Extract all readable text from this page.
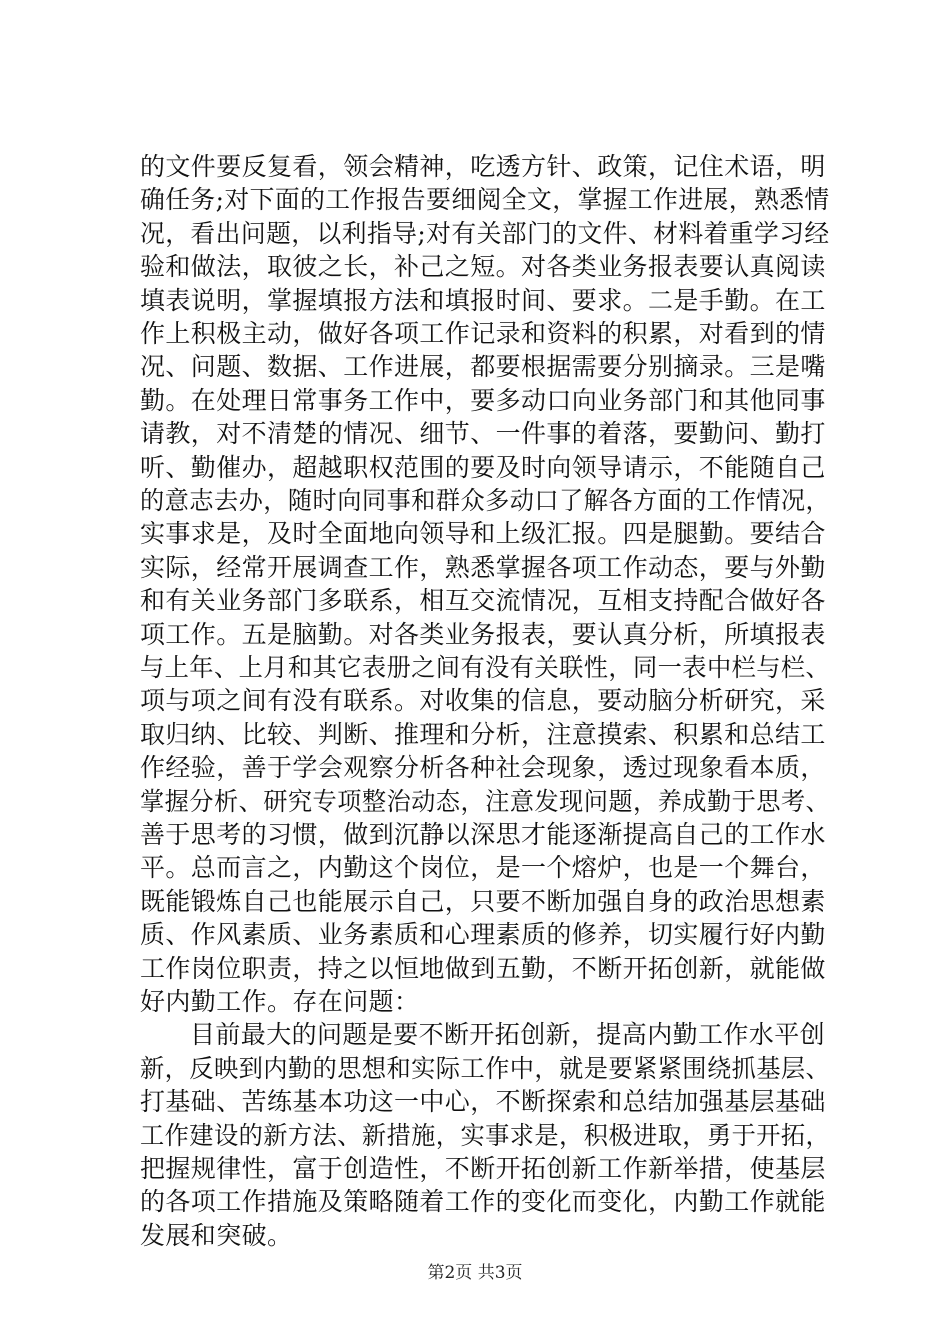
的文件要反复看，领会精神，吃透方针、政策，记住术语，明
确任务;对下面的工作报告要细阅全文，掌握工作进展，熟悉情
况，看出问题，以利指导;对有关部门的文件、材料着重学习经
验和做法，取彼之长，补己之短。对各类业务报表要认真阅读
填表说明，掌握填报方法和填报时间、要求。二是手勤。在工
作上积极主动，做好各项工作记录和资料的积累，对看到的情
况、问题、数据、工作进展，都要根据需要分别摘录。三是嘴
勤。在处理日常事务工作中，要多动口向业务部门和其他同事
请教，对不清楚的情况、细节、一件事的着落，要勤问、勤打
听、勤催办，超越职权范围的要及时向领导请示，不能随自己
的意志去办，随时向同事和群众多动口了解各方面的工作情况，
实事求是，及时全面地向领导和上级汇报。四是腿勤。要结合
实际，经常开展调查工作，熟悉掌握各项工作动态，要与外勤
和有关业务部门多联系，相互交流情况，互相支持配合做好各
项工作。五是脑勤。对各类业务报表，要认真分析，所填报表
与上年、上月和其它表册之间有没有关联性，同一表中栏与栏、
项与项之间有没有联系。对收集的信息，要动脑分析研究，采
取归纳、比较、判断、推理和分析，注意摸索、积累和总结工
作经验，善于学会观察分析各种社会现象，透过现象看本质，
掌握分析、研究专项整治动态，注意发现问题，养成勤于思考、
善于思考的习惯，做到沉静以深思才能逐渐提高自己的工作水
平。总而言之，内勤这个岗位，是一个熔炉，也是一个舞台，
既能锻炼自己也能展示自己，只要不断加强自身的政治思想素
质、作风素质、业务素质和心理素质的修养，切实履行好内勤
工作岗位职责，持之以恒地做到五勤，不断开拓创新，就能做
好内勤工作。存在问题：
目前最大的问题是要不断开拓创新，提高内勤工作水平创
新，反映到内勤的思想和实际工作中，就是要紧紧围绕抓基层、
打基础、苦练基本功这一中心，不断探索和总结加强基层基础
工作建设的新方法、新措施，实事求是，积极进取，勇于开拓，
把握规律性，富于创造性，不断开拓创新工作新举措，使基层
的各项工作措施及策略随着工作的变化而变化，内勤工作就能
发展和突破。
第2页 共3页
